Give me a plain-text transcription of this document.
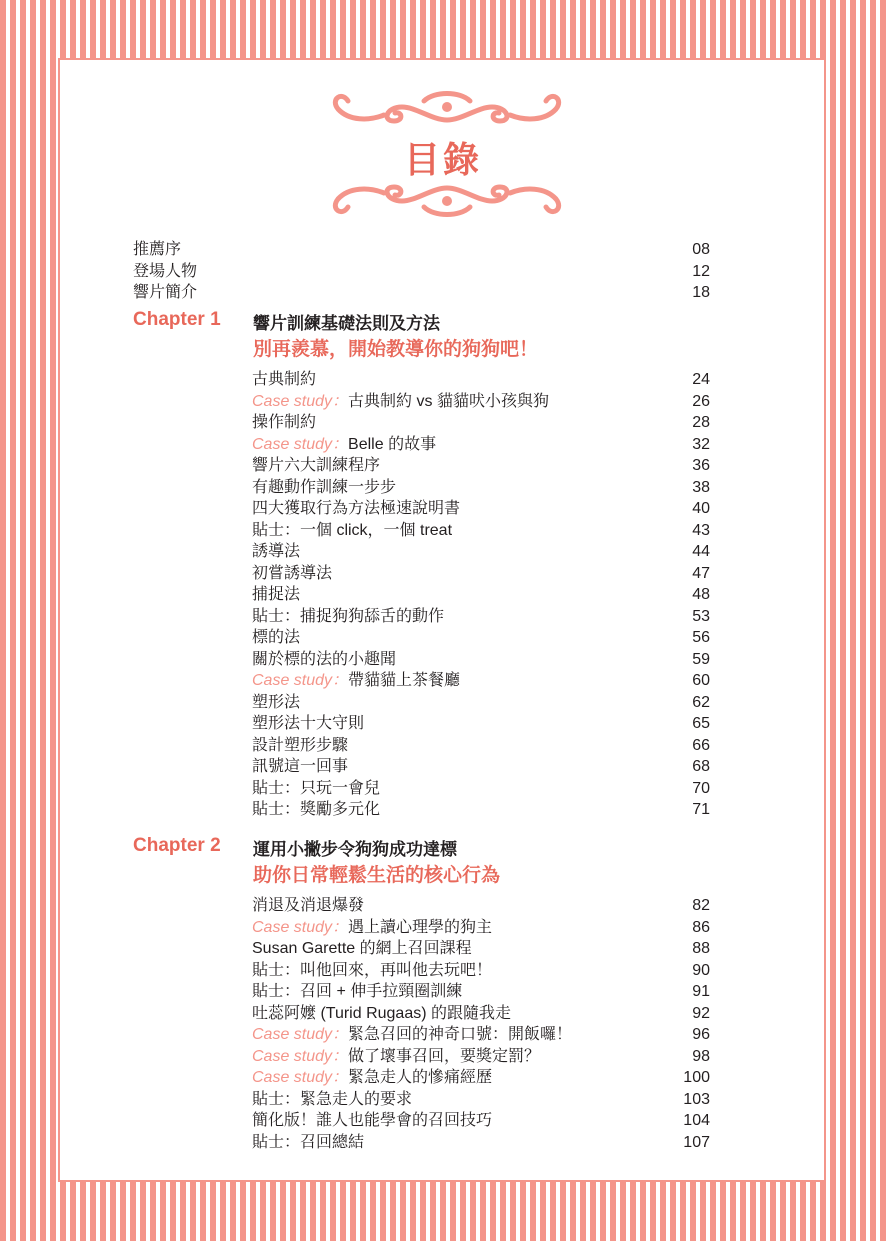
目錄
推薦序	08
登場人物	12
響片簡介	18
Chapter 1 響片訓練基礎法則及方法
別再羨慕，開始教導你的狗狗吧！
古典制約	24
Case study：古典制約 vs 貓貓吠小孩與狗	26
操作制約	28
Case study：Belle 的故事	32
響片六大訓練程序	36
有趣動作訓練一步步	38
四大獲取行為方法極速說明書	40
貼士：一個 click，一個 treat	43
誘導法	44
初嘗誘導法	47
捕捉法	48
貼士：捕捉狗狗舔舌的動作	53
標的法	56
關於標的法的小趣聞	59
Case study：帶貓貓上茶餐廳	60
塑形法	62
塑形法十大守則	65
設計塑形步驟	66
訊號這一回事	68
貼士：只玩一會兒	70
貼士：獎勵多元化	71
Chapter 2 運用小撇步令狗狗成功達標
助你日常輕鬆生活的核心行為
消退及消退爆發	82
Case study：遇上讀心理學的狗主	86
Susan Garette 的網上召回課程	88
貼士：叫他回來，再叫他去玩吧！	90
貼士：召回 + 伸手拉頸圈訓練	91
吐蕊阿嬤 (Turid Rugaas) 的跟隨我走	92
Case study：緊急召回的神奇口號：開飯囉！	96
Case study：做了壞事召回，要獎定罰？	98
Case study：緊急走人的慘痛經歷	100
貼士：緊急走人的要求	103
簡化版！誰人也能學會的召回技巧	104
貼士：召回總結	107
